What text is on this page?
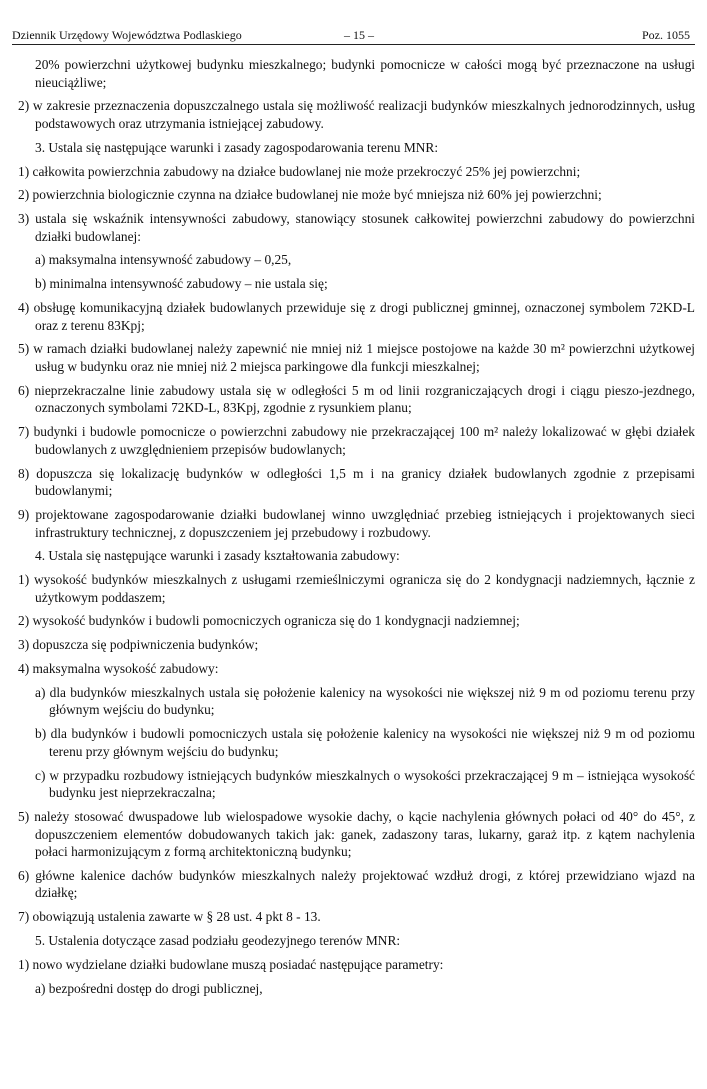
Dziennik Urzędowy Województwa Podlaskiego	– 15 –	Poz. 1055
20% powierzchni użytkowej budynku mieszkalnego; budynki pomocnicze w całości mogą być przeznaczone na usługi nieuciążliwe;
2) w zakresie przeznaczenia dopuszczalnego ustala się możliwość realizacji budynków mieszkalnych jednorodzinnych, usług podstawowych oraz utrzymania istniejącej zabudowy.
3. Ustala się następujące warunki i zasady zagospodarowania terenu MNR:
1) całkowita powierzchnia zabudowy na działce budowlanej nie może przekroczyć 25% jej powierzchni;
2) powierzchnia biologicznie czynna na działce budowlanej nie może być mniejsza niż 60% jej powierzchni;
3) ustala się wskaźnik intensywności zabudowy, stanowiący stosunek całkowitej powierzchni zabudowy do powierzchni działki budowlanej:
a) maksymalna intensywność zabudowy – 0,25,
b) minimalna intensywność zabudowy – nie ustala się;
4) obsługę komunikacyjną działek budowlanych przewiduje się z drogi publicznej gminnej, oznaczonej symbolem 72KD-L oraz z terenu 83Kpj;
5) w ramach działki budowlanej należy zapewnić nie mniej niż 1 miejsce postojowe na każde 30 m² powierzchni użytkowej usług w budynku oraz nie mniej niż 2 miejsca parkingowe dla funkcji mieszkalnej;
6) nieprzekraczalne linie zabudowy ustala się w odległości 5 m od linii rozgraniczających drogi i ciągu pieszo-jezdnego, oznaczonych symbolami 72KD-L, 83Kpj, zgodnie z rysunkiem planu;
7) budynki i budowle pomocnicze o powierzchni zabudowy nie przekraczającej 100 m² należy lokalizować w głębi działek budowlanych z uwzględnieniem przepisów budowlanych;
8) dopuszcza się lokalizację budynków w odległości 1,5 m i na granicy działek budowlanych zgodnie z przepisami budowlanymi;
9) projektowane zagospodarowanie działki budowlanej winno uwzględniać przebieg istniejących i projektowanych sieci infrastruktury technicznej, z dopuszczeniem jej przebudowy i rozbudowy.
4. Ustala się następujące warunki i zasady kształtowania zabudowy:
1) wysokość budynków mieszkalnych z usługami rzemieślniczymi ogranicza się do 2 kondygnacji nadziemnych, łącznie z użytkowym poddaszem;
2) wysokość budynków i budowli pomocniczych ogranicza się do 1 kondygnacji nadziemnej;
3) dopuszcza się podpiwniczenia budynków;
4) maksymalna wysokość zabudowy:
a) dla budynków mieszkalnych ustala się położenie kalenicy na wysokości nie większej niż 9 m od poziomu terenu przy głównym wejściu do budynku;
b) dla budynków i budowli pomocniczych ustala się położenie kalenicy na wysokości nie większej niż 9 m od poziomu terenu przy głównym wejściu do budynku;
c) w przypadku rozbudowy istniejących budynków mieszkalnych o wysokości przekraczającej 9 m – istniejąca wysokość budynku jest nieprzekraczalna;
5) należy stosować dwuspadowe lub wielospadowe wysokie dachy, o kącie nachylenia głównych połaci od 40° do 45°, z dopuszczeniem elementów dobudowanych takich jak: ganek, zadaszony taras, lukarny, garaż itp. z kątem nachylenia połaci harmonizującym z formą architektoniczną budynku;
6) główne kalenice dachów budynków mieszkalnych należy projektować wzdłuż drogi, z której przewidziano wjazd na działkę;
7) obowiązują ustalenia zawarte w § 28 ust. 4 pkt 8 - 13.
5. Ustalenia dotyczące zasad podziału geodezyjnego terenów MNR:
1) nowo wydzielane działki budowlane muszą posiadać następujące parametry:
a) bezpośredni dostęp do drogi publicznej,
